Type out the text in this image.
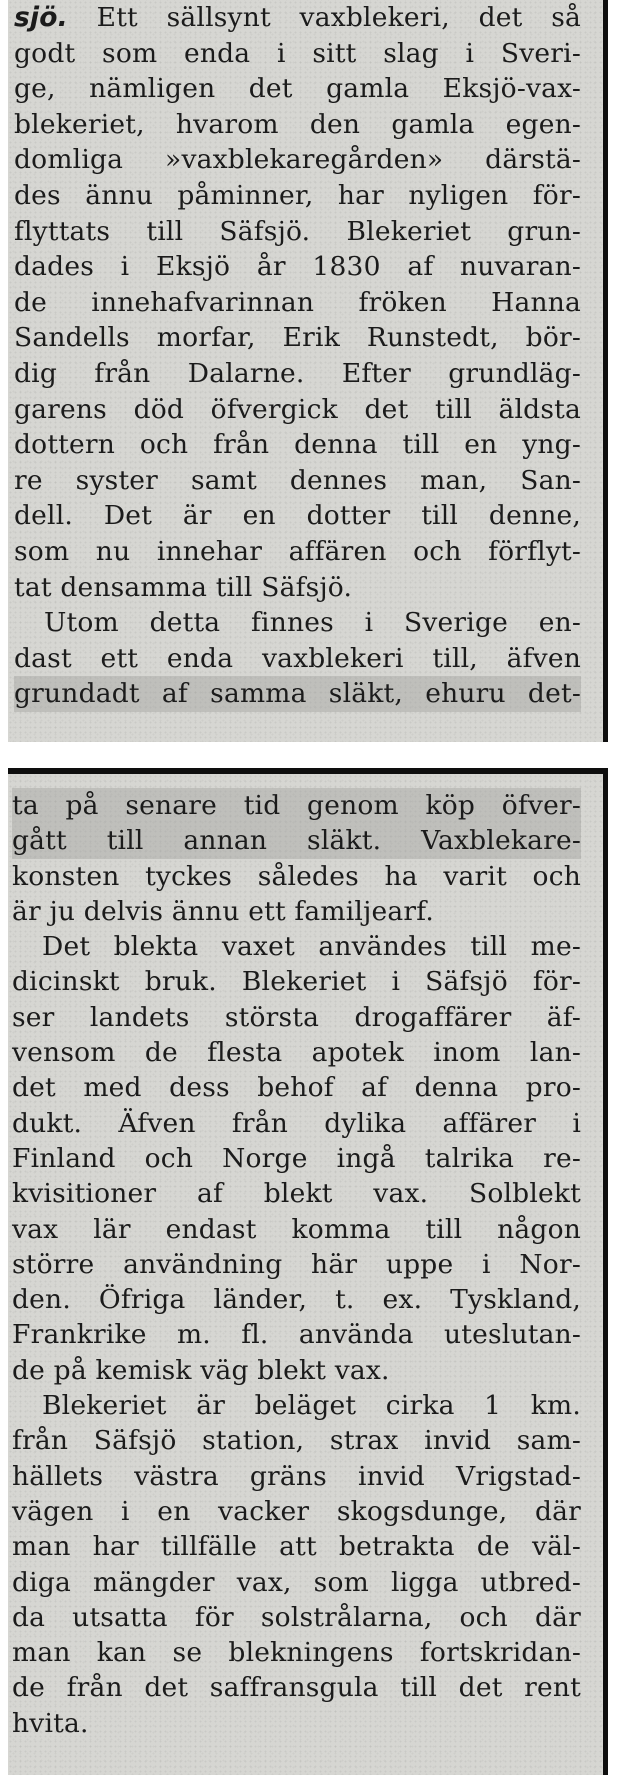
sjö. Ett sällsynt vaxblekeri, det så
godt som enda i sitt slag i Sveri-
ge, nämligen det gamla Eksjö-vax-
blekeriet, hvarom den gamla egen-
domliga »vaxblekaregården» därstä-
des ännu påminner, har nyligen för-
flyttats till Säfsjö. Blekeriet grun-
dades i Eksjö år 1830 af nuvaran-
de innehafvarinnan fröken Hanna
Sandells morfar, Erik Runstedt, bör-
dig från Dalarne. Efter grundläg-
garens död öfvergick det till äldsta
dottern och från denna till en yng-
re syster samt dennes man, San-
dell. Det är en dotter till denne,
som nu innehar affären och förflyt-
tat densamma till Säfsjö.
Utom detta finnes i Sverige en-
dast ett enda vaxblekeri till, äfven
grundadt af samma släkt, ehuru det-
ta på senare tid genom köp öfver-
gått till annan släkt. Vaxblekare-
konsten tyckes således ha varit och
är ju delvis ännu ett familjearf.
Det blekta vaxet användes till me-
dicinskt bruk. Blekeriet i Säfsjö för-
ser landets största drogaffärer äf-
vensom de flesta apotek inom lan-
det med dess behof af denna pro-
dukt. Äfven från dylika affärer i
Finland och Norge ingå talrika re-
kvisitioner af blekt vax. Solblekt
vax lär endast komma till någon
större användning här uppe i Nor-
den. Öfriga länder, t. ex. Tyskland,
Frankrike m. fl. använda uteslutan-
de på kemisk väg blekt vax.
Blekeriet är beläget cirka 1 km.
från Säfsjö station, strax invid sam-
hällets västra gräns invid Vrigstad-
vägen i en vacker skogsdunge, där
man har tillfälle att betrakta de väl-
diga mängder vax, som ligga utbred-
da utsatta för solstrålarna, och där
man kan se blekningens fortskridan-
de från det saffransgula till det rent
hvita.
